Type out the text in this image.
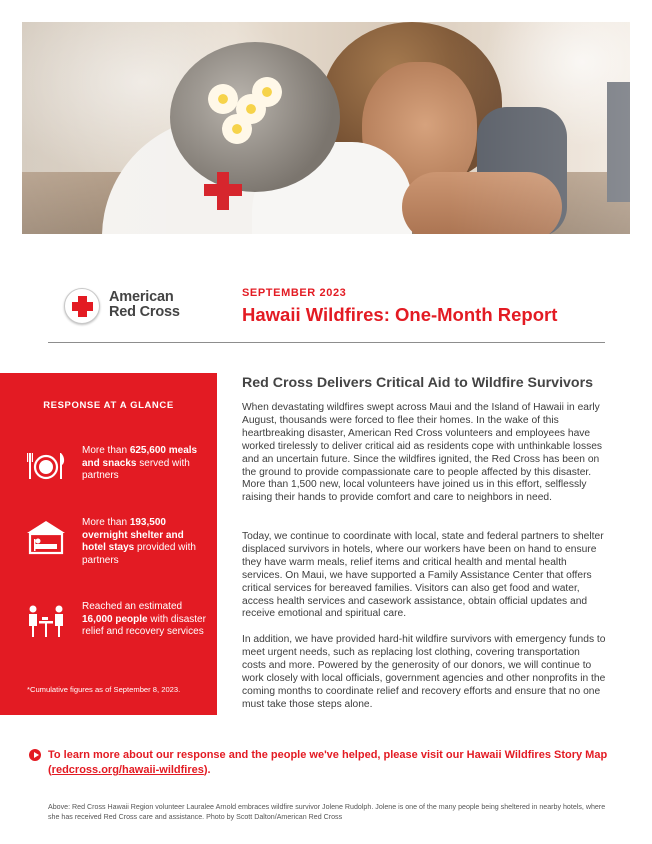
American
Red Cross
SEPTEMBER 2023
Hawaii Wildfires: One-Month Report
RESPONSE AT A GLANCE
More than 625,600 meals and snacks served with partners
More than 193,500 overnight shelter and hotel stays provided with partners
Reached an estimated 16,000 people with disaster relief and recovery services
*Cumulative figures as of September 8, 2023.
Red Cross Delivers Critical Aid to Wildfire Survivors
When devastating wildfires swept across Maui and the Island of Hawaii in early August, thousands were forced to flee their homes. In the wake of this heartbreaking disaster, American Red Cross volunteers and employees have worked tirelessly to deliver critical aid as residents cope with unthinkable losses and an uncertain future. Since the wildfires ignited, the Red Cross has been on the ground to provide compassionate care to people affected by this disaster. More than 1,500 new, local volunteers have joined us in this effort, selflessly raising their hands to provide comfort and care to neighbors in need.
Today, we continue to coordinate with local, state and federal partners to shelter displaced survivors in hotels, where our workers have been on hand to ensure they have warm meals, relief items and critical health and mental health services. On Maui, we have supported a Family Assistance Center that offers critical services for bereaved families. Visitors can also get food and water, access health services and casework assistance, obtain official updates and receive emotional and spiritual care.
In addition, we have provided hard-hit wildfire survivors with emergency funds to meet urgent needs, such as replacing lost clothing, covering transportation costs and more. Powered by the generosity of our donors, we will continue to work closely with local officials, government agencies and other nonprofits in the coming months to coordinate relief and recovery efforts and ensure that no one must take those steps alone.
To learn more about our response and the people we've helped, please visit our Hawaii Wildfires Story Map (redcross.org/hawaii-wildfires).
Above: Red Cross Hawaii Region volunteer Lauralee Arnold embraces wildfire survivor Jolene Rudolph. Jolene is one of the many people being sheltered in nearby hotels, where she has received Red Cross care and assistance. Photo by Scott Dalton/American Red Cross
